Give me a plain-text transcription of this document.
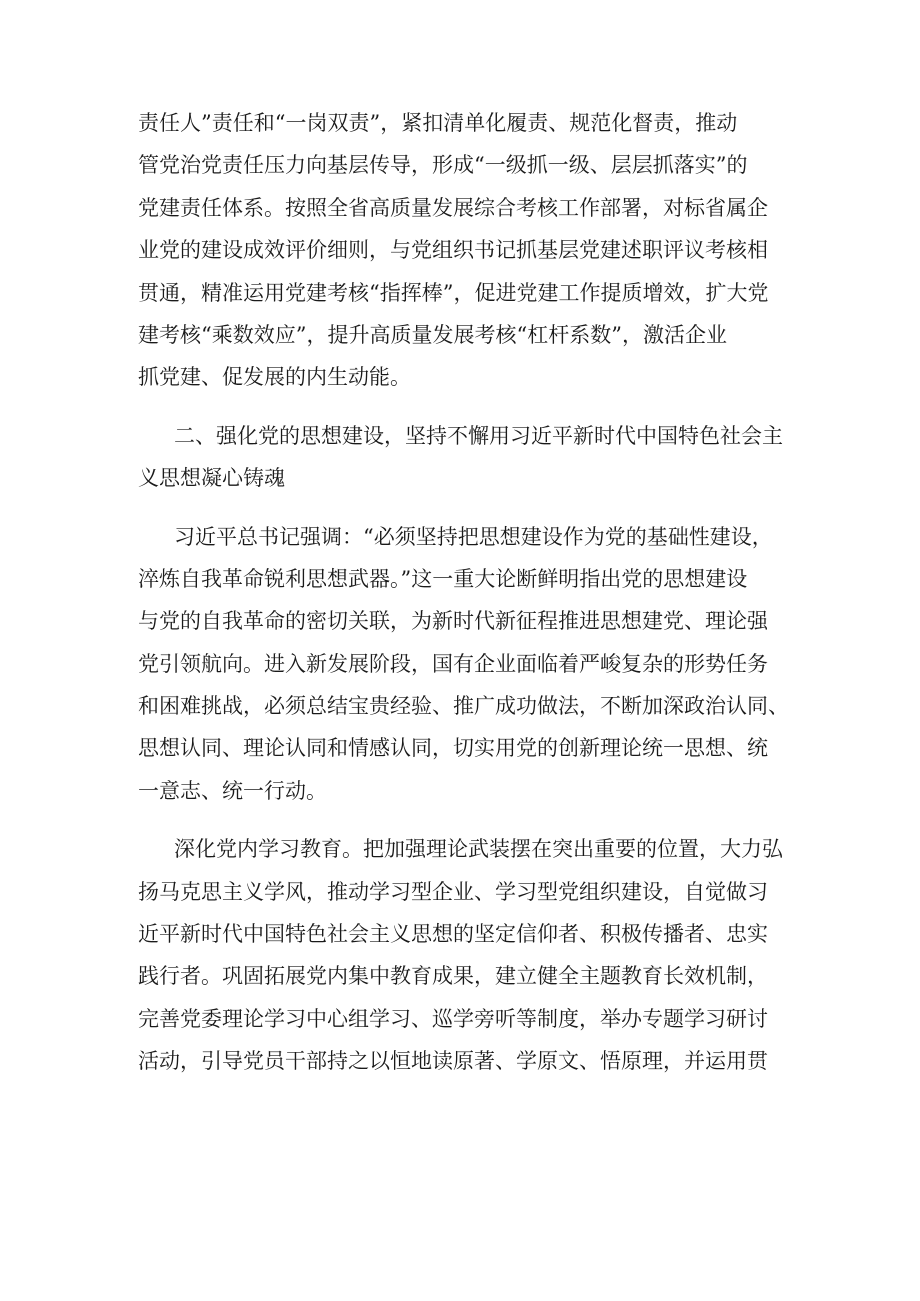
责任人”责任和“一岗双责”，紧扣清单化履责、规范化督责，推动
管党治党责任压力向基层传导，形成“一级抓一级、层层抓落实”的
党建责任体系。按照全省高质量发展综合考核工作部署，对标省属企
业党的建设成效评价细则，与党组织书记抓基层党建述职评议考核相
贯通，精准运用党建考核“指挥棒”，促进党建工作提质增效，扩大党
建考核“乘数效应”，提升高质量发展考核“杠杆系数”，激活企业
抓党建、促发展的内生动能。
二、强化党的思想建设，坚持不懈用习近平新时代中国特色社会主
义思想凝心铸魂
习近平总书记强调：“必须坚持把思想建设作为党的基础性建设，
淬炼自我革命锐利思想武器。”这一重大论断鲜明指出党的思想建设
与党的自我革命的密切关联，为新时代新征程推进思想建党、理论强
党引领航向。进入新发展阶段，国有企业面临着严峻复杂的形势任务
和困难挑战，必须总结宝贵经验、推广成功做法，不断加深政治认同、
思想认同、理论认同和情感认同，切实用党的创新理论统一思想、统
一意志、统一行动。
深化党内学习教育。把加强理论武装摆在突出重要的位置，大力弘
扬马克思主义学风，推动学习型企业、学习型党组织建设，自觉做习
近平新时代中国特色社会主义思想的坚定信仰者、积极传播者、忠实
践行者。巩固拓展党内集中教育成果，建立健全主题教育长效机制，
完善党委理论学习中心组学习、巡学旁听等制度，举办专题学习研讨
活动，引导党员干部持之以恒地读原著、学原文、悟原理，并运用贯
